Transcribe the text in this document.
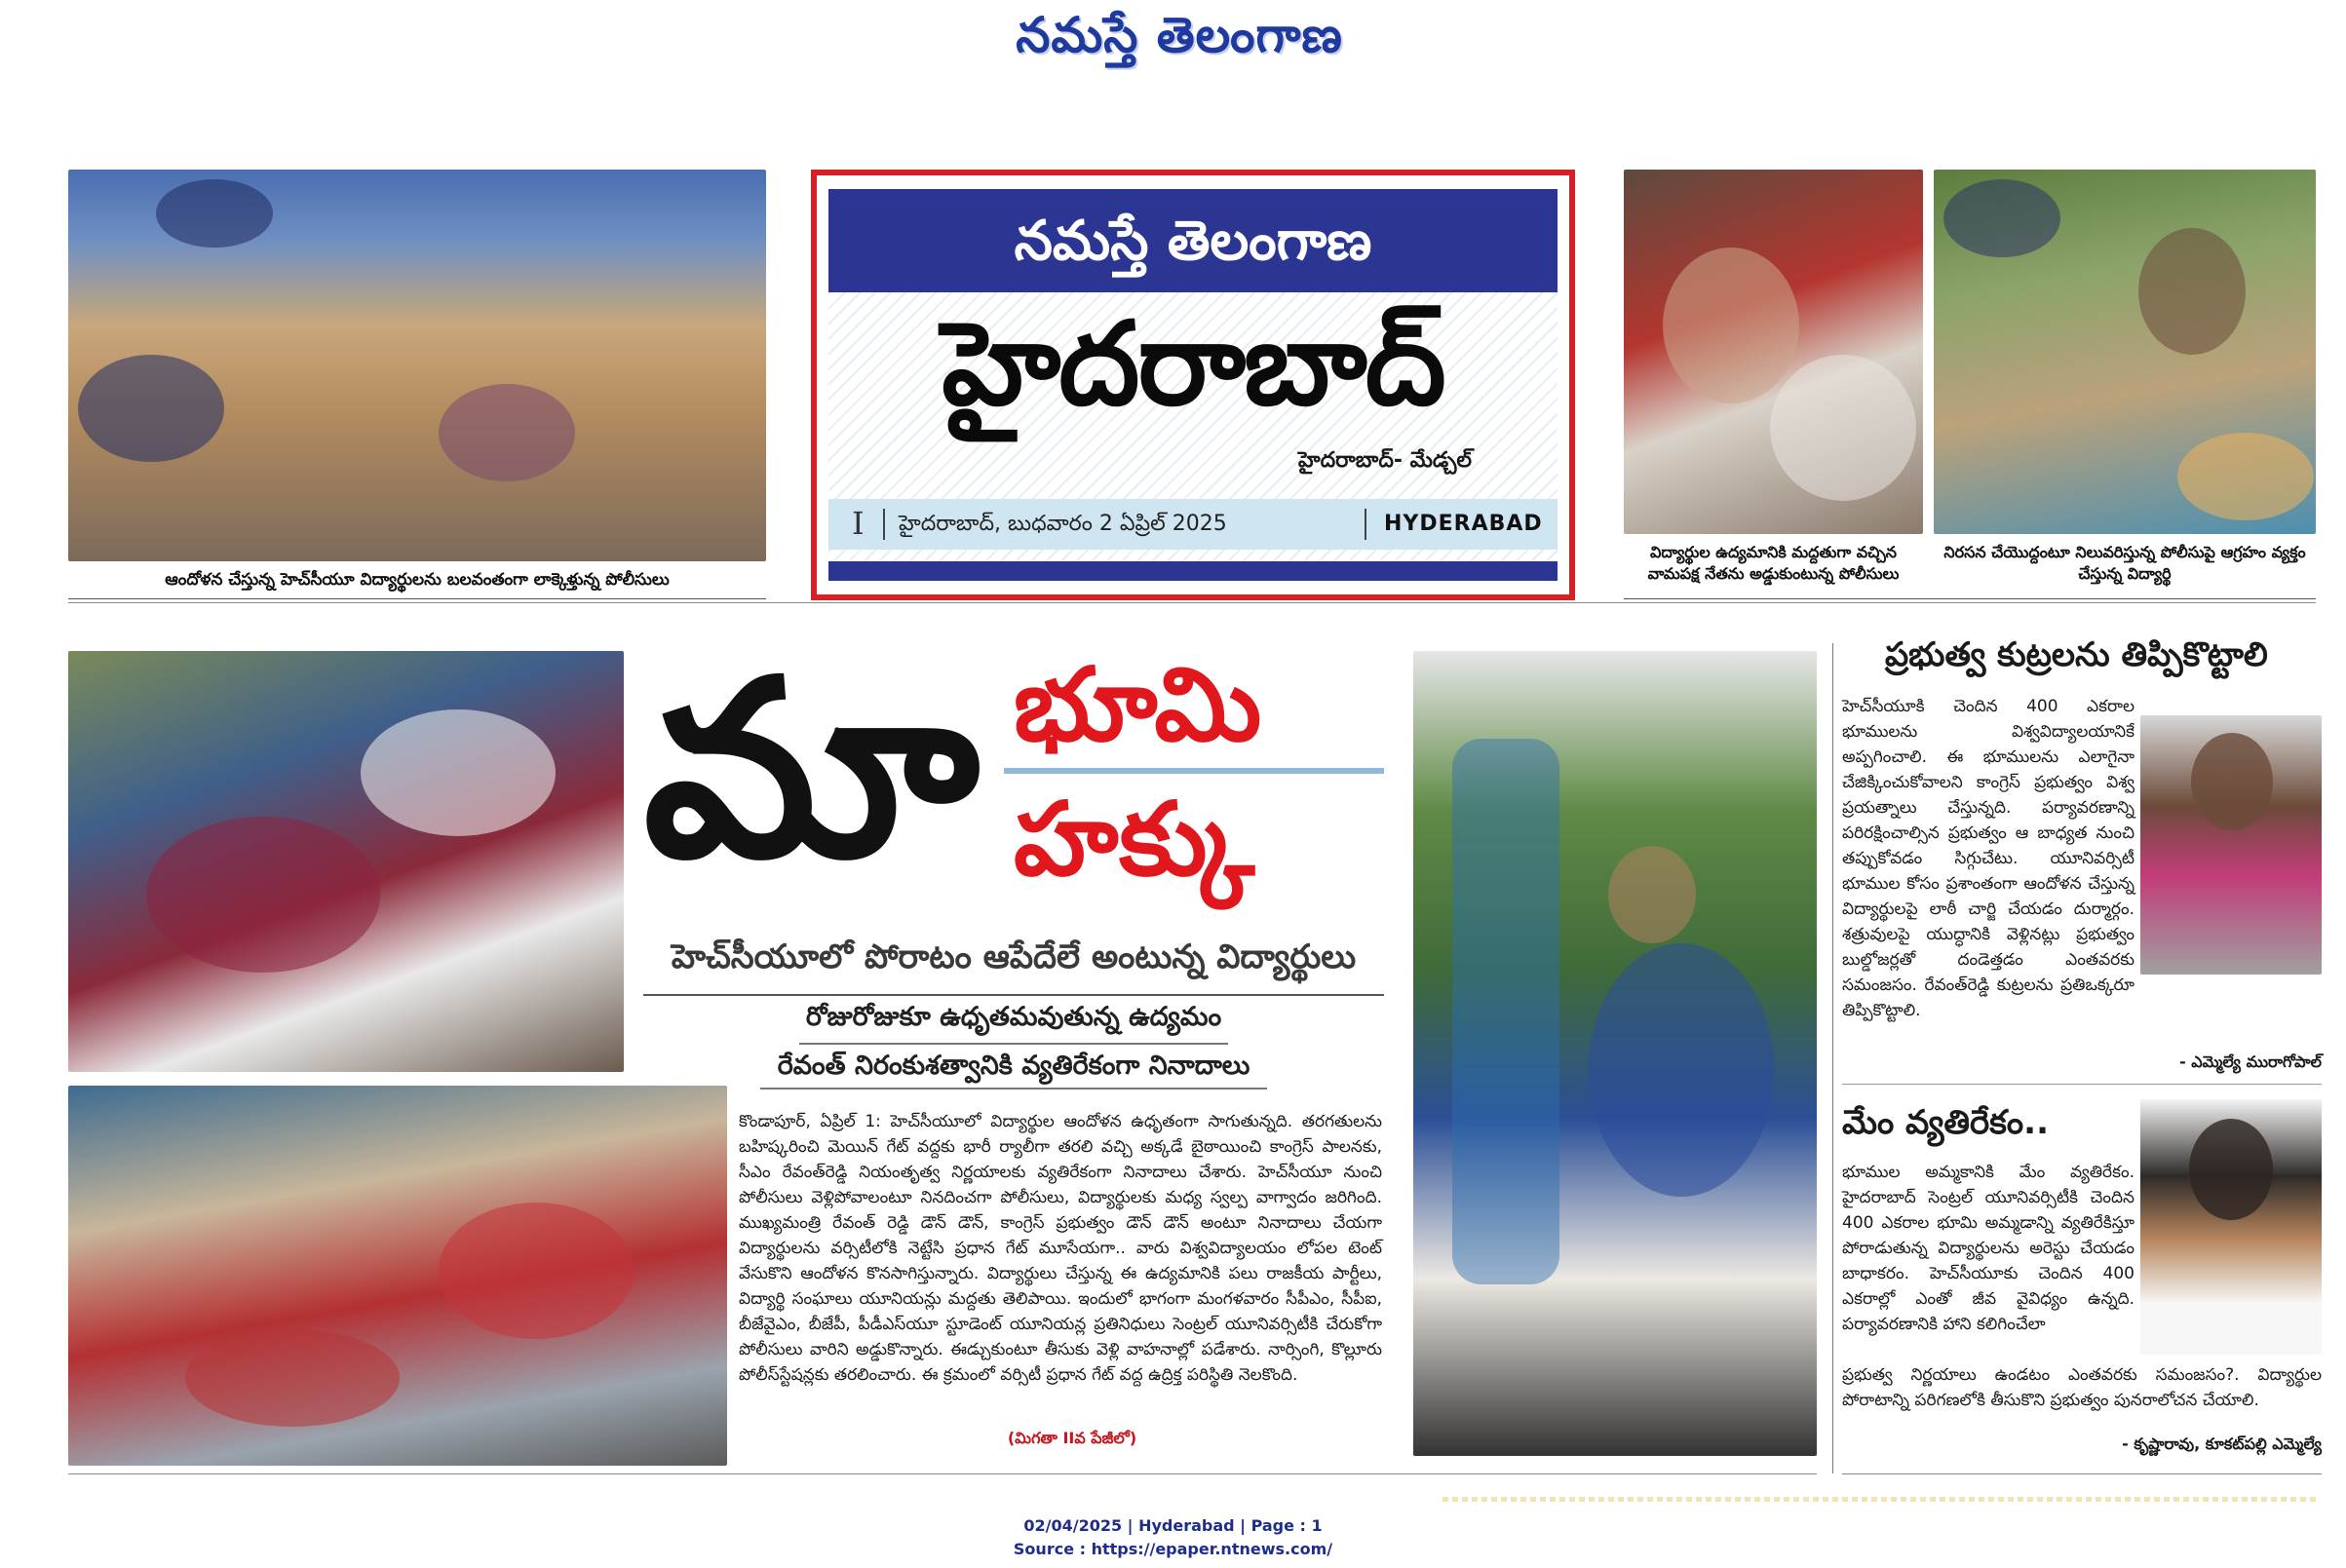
నమస్తే తెలంగాణ
ఆందోళన చేస్తున్న హెచ్‌సీయూ విద్యార్థులను బలవంతంగా లాక్కెళ్తున్న పోలీసులు
విద్యార్థుల ఉద్యమానికి మద్దతుగా వచ్చిన వామపక్ష నేతను అడ్డుకుంటున్న పోలీసులు
నిరసన చేయొద్దంటూ నిలువరిస్తున్న పోలీసుపై ఆగ్రహం వ్యక్తం చేస్తున్న విద్యార్థి
నమస్తే తెలంగాణ
హైదరాబాద్
హైదరాబాద్- మేడ్చల్
I హైదరాబాద్, బుధవారం 2 ఏప్రిల్ 2025	HYDERABAD
మా భూమి
హక్కు
హెచ్‌సీయూలో పోరాటం ఆపేదేలే అంటున్న విద్యార్థులు
రోజురోజుకూ ఉధృతమవుతున్న ఉద్యమం
రేవంత్ నిరంకుశత్వానికి వ్యతిరేకంగా నినాదాలు
కొండాపూర్, ఏప్రిల్ 1: హెచ్‌సీయూలో విద్యార్థుల ఆందోళన ఉధృతంగా సాగుతున్నది. తరగతులను బహిష్కరించి మెయిన్ గేట్ వద్దకు భారీ ర్యాలీగా తరలి వచ్చి అక్కడే బైఠాయించి కాంగ్రెస్ పాలనకు, సీఎం రేవంత్‌రెడ్డి నియంతృత్వ నిర్ణయాలకు వ్యతిరేకంగా నినాదాలు చేశారు. హెచ్‌సీయూ నుంచి పోలీసులు వెళ్లిపోవాలంటూ నినదించగా పోలీసులు, విద్యార్థులకు మధ్య స్వల్ప వాగ్వాదం జరిగింది. ముఖ్యమంత్రి రేవంత్ రెడ్డి డౌన్ డౌన్, కాంగ్రెస్ ప్రభుత్వం డౌన్ డౌన్ అంటూ నినాదాలు చేయగా విద్యార్థులను వర్సిటీలోకి నెట్టేసి ప్రధాన గేట్ మూసేయగా.. వారు విశ్వవిద్యాలయం లోపల టెంట్ వేసుకొని ఆందోళన కొనసాగిస్తున్నారు. విద్యార్థులు చేస్తున్న ఈ ఉద్యమానికి పలు రాజకీయ పార్టీలు, విద్యార్థి సంఘాలు యూనియన్లు మద్దతు తెలిపాయి. ఇందులో భాగంగా మంగళవారం సీపీఎం, సీపీఐ, బీజేవైఎం, బీజేపీ, పీడీఎస్‌యూ స్టూడెంట్ యూనియన్ల ప్రతినిధులు సెంట్రల్ యూనివర్సిటీకి చేరుకోగా పోలీసులు వారిని అడ్డుకొన్నారు. ఈడ్చుకుంటూ తీసుకు వెళ్లి వాహనాల్లో పడేశారు. నార్సింగి, కొల్లూరు పోలీస్‌స్టేషన్లకు తరలించారు. ఈ క్రమంలో వర్సిటీ ప్రధాన గేట్ వద్ద ఉద్రిక్త పరిస్థితి నెలకొంది.
(మిగతా IIవ పేజీలో)
ప్రభుత్వ కుట్రలను తిప్పికొట్టాలి
హెచ్‌సీయూకి చెందిన 400 ఎకరాల భూములను విశ్వవిద్యాలయానికే అప్పగించాలి. ఈ భూములను ఎలాగైనా చేజిక్కించుకోవాలని కాంగ్రెస్ ప్రభుత్వం విశ్వ ప్రయత్నాలు చేస్తున్నది. పర్యావరణాన్ని పరిరక్షించాల్సిన ప్రభుత్వం ఆ బాధ్యత నుంచి తప్పుకోవడం సిగ్గుచేటు. యూనివర్సిటీ భూముల కోసం ప్రశాంతంగా ఆందోళన చేస్తున్న విద్యార్థులపై లాఠీ చార్జి చేయడం దుర్మార్గం. శత్రువులపై యుద్ధానికి వెళ్లినట్లు ప్రభుత్వం బుల్డోజర్లతో దండెత్తడం ఎంతవరకు సమంజసం. రేవంత్‌రెడ్డి కుట్రలను ప్రతిఒక్కరూ తిప్పికొట్టాలి.
- ఎమ్మెల్యే మురాగోపాల్
మేం వ్యతిరేకం..
భూముల అమ్మకానికి మేం వ్యతిరేకం. హైదరాబాద్ సెంట్రల్ యూనివర్సిటీకి చెందిన 400 ఎకరాల భూమి అమ్మడాన్ని వ్యతిరేకిస్తూ పోరాడుతున్న విద్యార్థులను అరెస్టు చేయడం బాధాకరం. హెచ్‌సీయూకు చెందిన 400 ఎకరాల్లో ఎంతో జీవ వైవిధ్యం ఉన్నది. పర్యావరణానికి హాని కలిగించేలా
ప్రభుత్వ నిర్ణయాలు ఉండటం ఎంతవరకు సమంజసం?. విద్యార్థుల పోరాటాన్ని పరిగణలోకి తీసుకొని ప్రభుత్వం పునరాలోచన చేయాలి.
- కృష్ణారావు, కూకట్‌పల్లి ఎమ్మెల్యే
02/04/2025 | Hyderabad | Page : 1
Source : https://epaper.ntnews.com/
